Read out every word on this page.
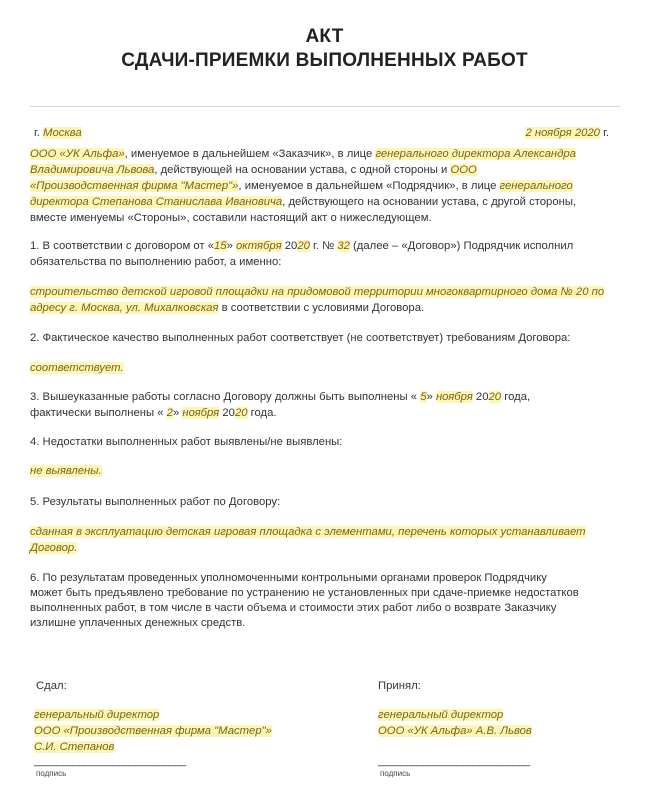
АКТ
СДАЧИ-ПРИЕМКИ ВЫПОЛНЕННЫХ РАБОТ
г. Москва	2 ноября 2020 г.
ООО «УК Альфа», именуемое в дальнейшем «Заказчик», в лице генерального директора Александра
Владимировича Львова, действующей на основании устава, с одной стороны и ООО
«Производственная фирма "Мастер"», именуемое в дальнейшем «Подрядчик», в лице генерального
директора Степанова Станислава Ивановича, действующего на основании устава, с другой стороны,
вместе именуемы «Стороны», составили настоящий акт о нижеследующем.
1. В соответствии с договором от «15» октября 2020 г. № 32 (далее – «Договор») Подрядчик исполнил
обязательства по выполнению работ, а именно:
строительство детской игровой площадки на придомовой территории многоквартирного дома № 20 по
адресу г. Москва, ул. Михалковская в соответствии с условиями Договора.
2. Фактическое качество выполненных работ соответствует (не соответствует) требованиям Договора:
соответствует.
3. Вышеуказанные работы согласно Договору должны быть выполнены « 5» ноября 2020 года,
фактически выполнены « 2» ноября 2020 года.
4. Недостатки выполненных работ выявлены/не выявлены:
не выявлены.
5. Результаты выполненных работ по Договору:
сданная в эксплуатацию детская игровая площадка с элементами, перечень которых устанавливает
Договор.
6. По результатам проведенных уполномоченными контрольными органами проверок Подрядчику
может быть предъявлено требование по устранению не установленных при сдаче-приемке недостатков
выполненных работ, в том числе в части объема и стоимости этих работ либо о возврате Заказчику
излишне уплаченных денежных средств.
Сдал:
генеральный директор
ООО «Производственная фирма "Мастер"»
С.И. Степанов
___________________________
подпись
Принял:
генеральный директор
ООО «УК Альфа» А.В. Львов
___________________________
подпись
